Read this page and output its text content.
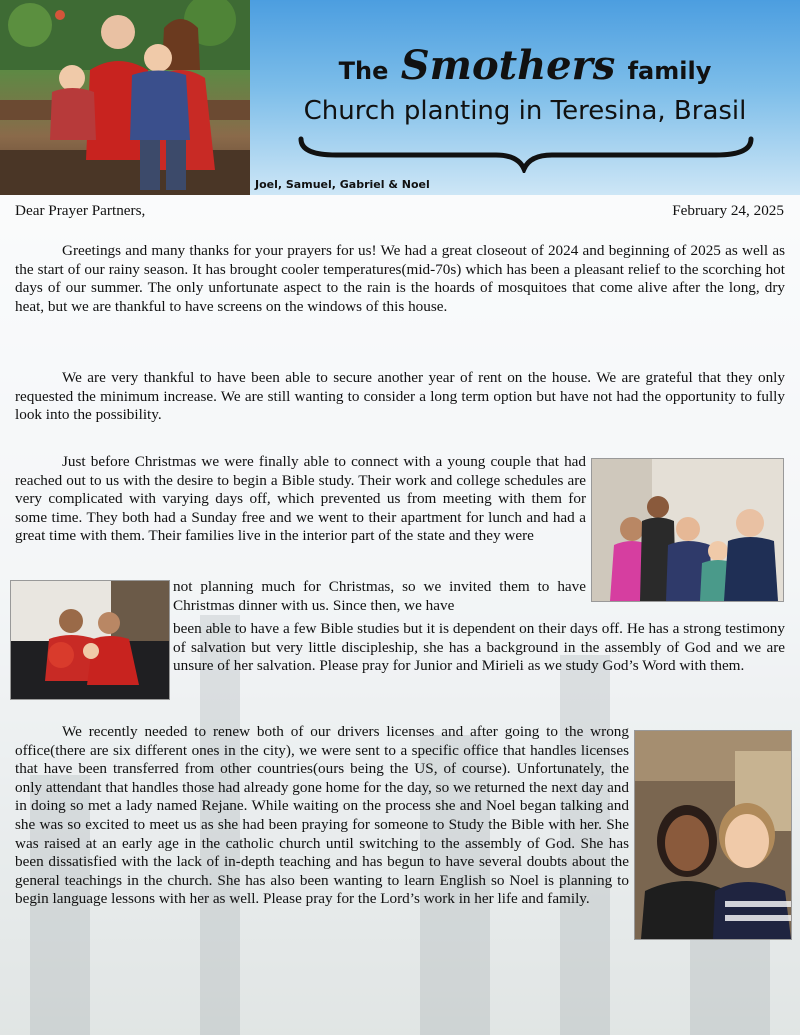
The Smothers family
Church planting in Teresina, Brasil
Joel, Samuel, Gabriel & Noel
Dear Prayer Partners,	February 24, 2025
Greetings and many thanks for your prayers for us! We had a great closeout of 2024 and beginning of 2025 as well as the start of our rainy season. It has brought cooler temperatures(mid-70s) which has been a pleasant relief to the scorching hot days of our summer. The only unfortunate aspect to the rain is the hoards of mosquitoes that come alive after the long, dry heat, but we are thankful to have screens on the windows of this house.
We are very thankful to have been able to secure another year of rent on the house. We are grateful that they only requested the minimum increase. We are still wanting to consider a long term option but have not had the opportunity to fully look into the possibility.
Just before Christmas we were finally able to connect with a young couple that had reached out to us with the desire to begin a Bible study. Their work and college schedules are very complicated with varying days off, which prevented us from meeting with them for some time. They both had a Sunday free and we went to their apartment for lunch and had a great time with them. Their families live in the interior part of the state and they were
not planning much for Christmas, so we invited them to have Christmas dinner with us. Since then, we have
been able to have a few Bible studies but it is dependent on their days off. He has a strong testimony of salvation but very little discipleship, she has a background in the assembly of God and we are unsure of her salvation. Please pray for Junior and Mirieli as we study God’s Word with them.
We recently needed to renew both of our drivers licenses and after going to the wrong office(there are six different ones in the city), we were sent to a specific office that handles licenses that have been transferred from other countries(ours being the US, of course). Unfortunately, the only attendant that handles those had already gone home for the day, so we returned the next day and in doing so met a lady named Rejane. While waiting on the process she and Noel began talking and she was so excited to meet us as she had been praying for someone to Study the Bible with her. She was raised at an early age in the catholic church until switching to the assembly of God. She has been dissatisfied with the lack of in-depth teaching and has begun to have several doubts about the general teachings in the church. She has also been wanting to learn English so Noel is planning to begin language lessons with her as well. Please pray for the Lord’s work in her life and family.
